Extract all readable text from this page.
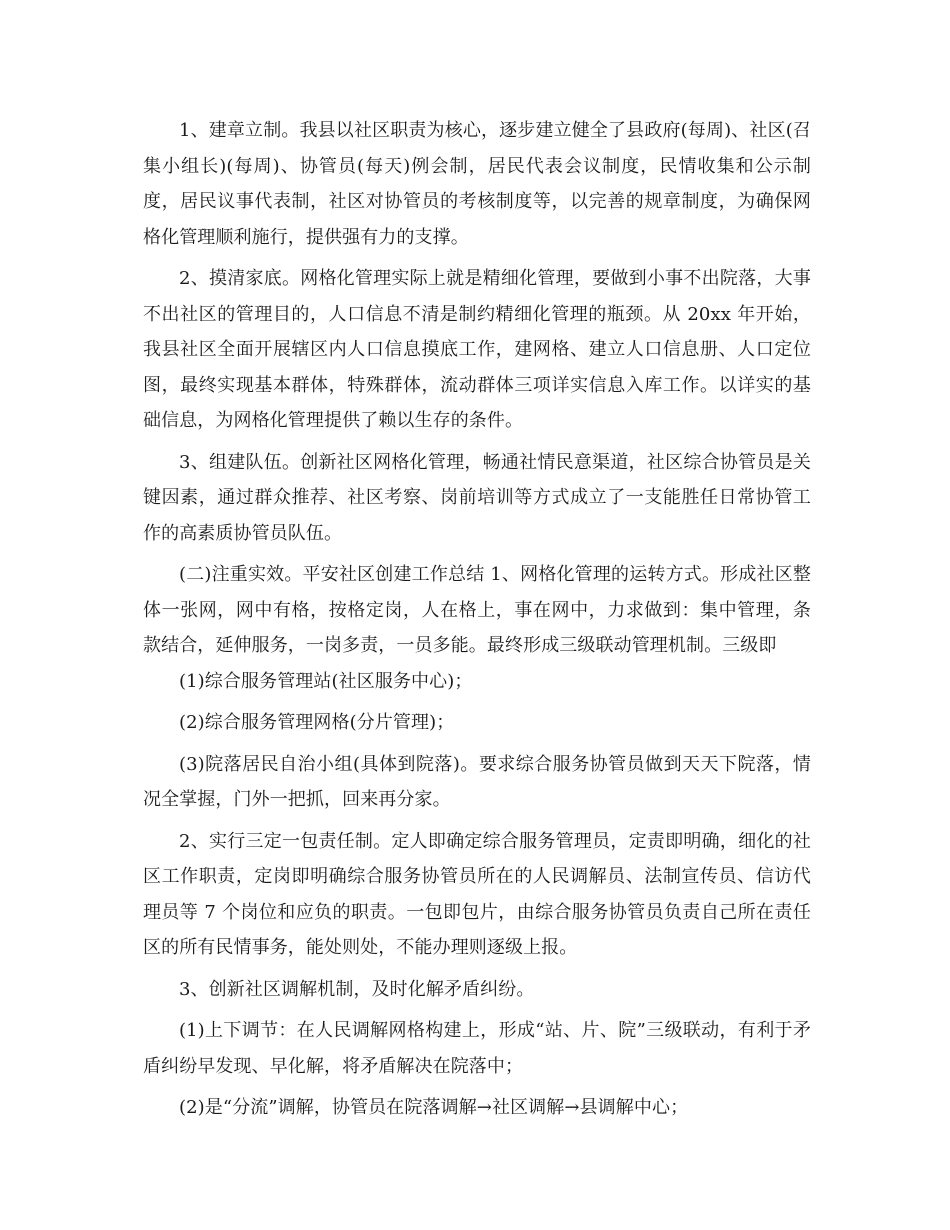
1、建章立制。我县以社区职责为核心，逐步建立健全了县政府(每周)、社区(召集小组长)(每周)、协管员(每天)例会制，居民代表会议制度，民情收集和公示制度，居民议事代表制，社区对协管员的考核制度等，以完善的规章制度，为确保网格化管理顺利施行，提供强有力的支撑。

2、摸清家底。网格化管理实际上就是精细化管理，要做到小事不出院落，大事不出社区的管理目的，人口信息不清是制约精细化管理的瓶颈。从 20xx 年开始，我县社区全面开展辖区内人口信息摸底工作，建网格、建立人口信息册、人口定位图，最终实现基本群体，特殊群体，流动群体三项详实信息入库工作。以详实的基础信息，为网格化管理提供了赖以生存的条件。

3、组建队伍。创新社区网格化管理，畅通社情民意渠道，社区综合协管员是关键因素，通过群众推荐、社区考察、岗前培训等方式成立了一支能胜任日常协管工作的高素质协管员队伍。

(二)注重实效。平安社区创建工作总结 1、网格化管理的运转方式。形成社区整体一张网，网中有格，按格定岗，人在格上，事在网中，力求做到：集中管理，条款结合，延伸服务，一岗多责，一员多能。最终形成三级联动管理机制。三级即

(1)综合服务管理站(社区服务中心)；

(2)综合服务管理网格(分片管理)；

(3)院落居民自治小组(具体到院落)。要求综合服务协管员做到天天下院落，情况全掌握，门外一把抓，回来再分家。

2、实行三定一包责任制。定人即确定综合服务管理员，定责即明确，细化的社区工作职责，定岗即明确综合服务协管员所在的人民调解员、法制宣传员、信访代理员等 7 个岗位和应负的职责。一包即包片，由综合服务协管员负责自己所在责任区的所有民情事务，能处则处，不能办理则逐级上报。

3、创新社区调解机制，及时化解矛盾纠纷。

(1)上下调节：在人民调解网格构建上，形成“站、片、院”三级联动，有利于矛盾纠纷早发现、早化解，将矛盾解决在院落中；

(2)是“分流”调解，协管员在院落调解→社区调解→县调解中心；
